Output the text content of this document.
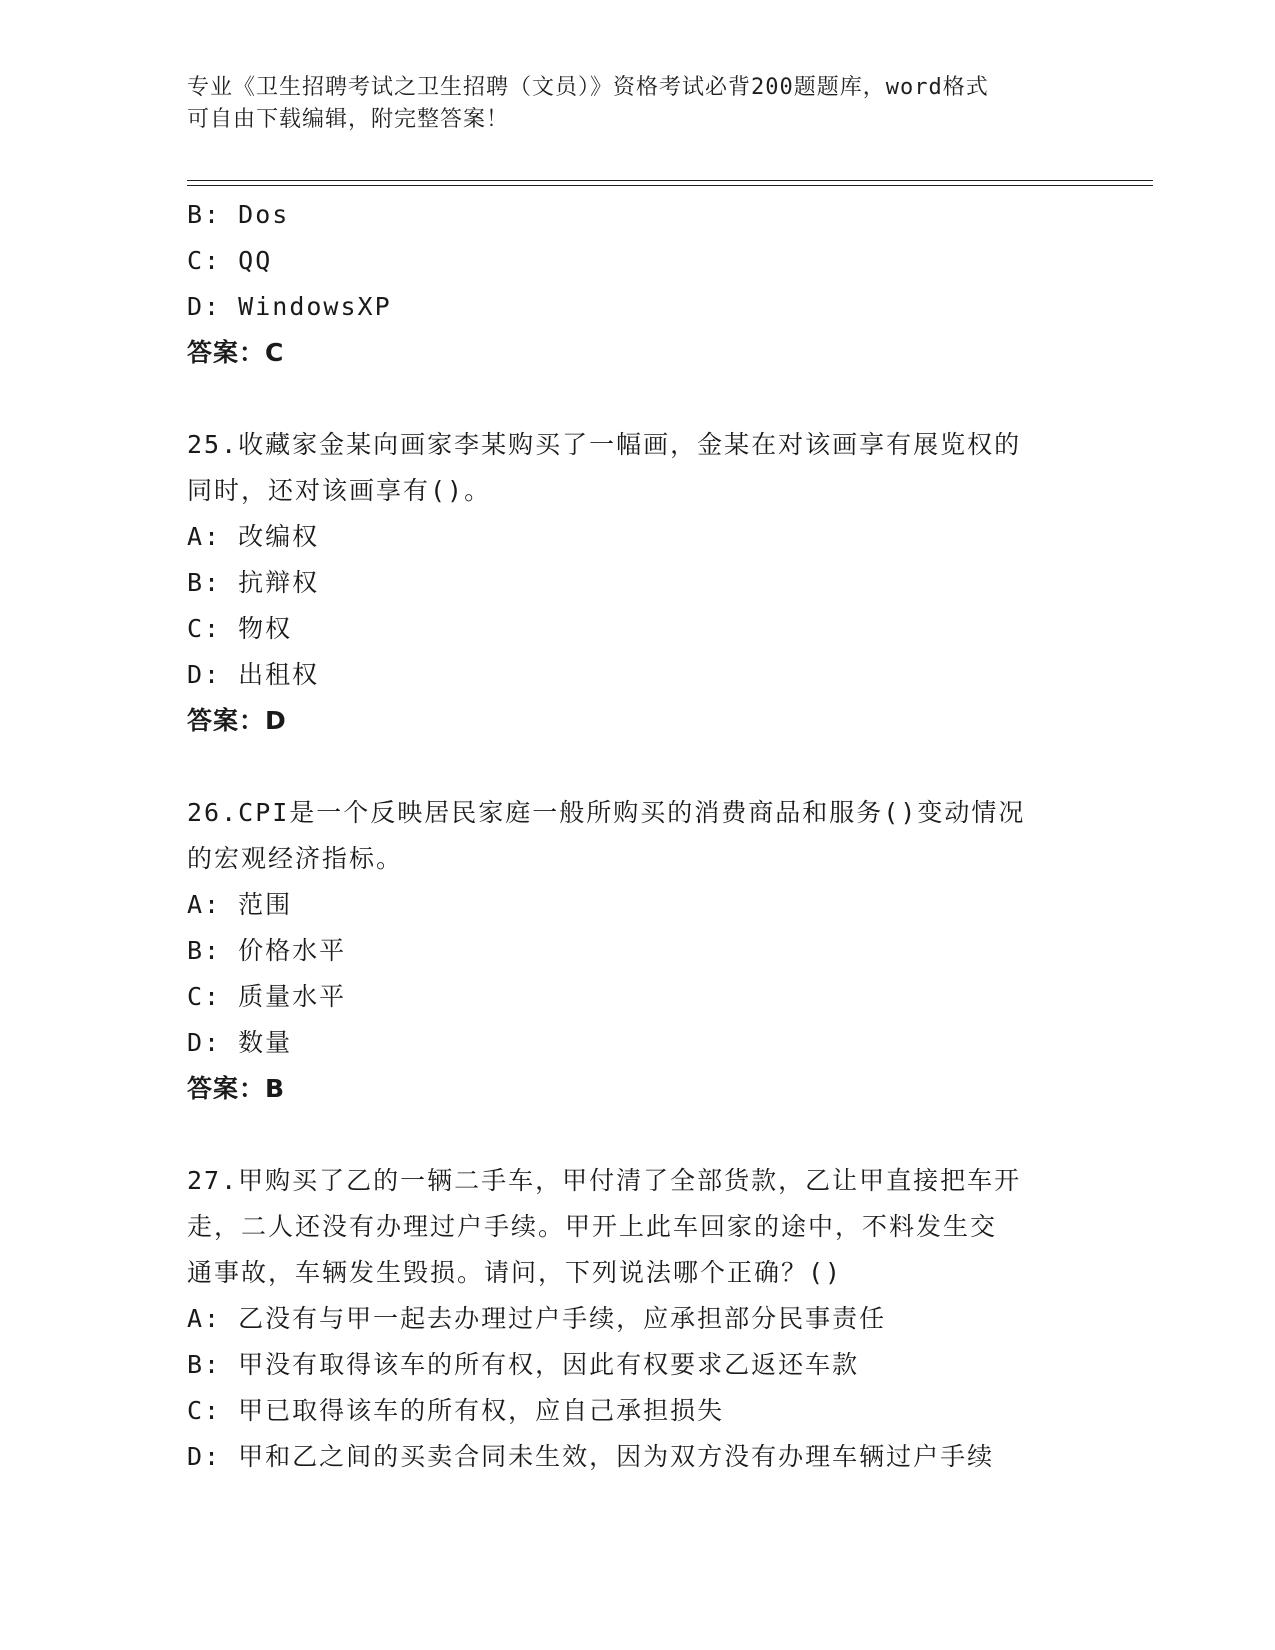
专业《卫生招聘考试之卫生招聘（文员）》资格考试必背200题题库，word格式
可自由下载编辑，附完整答案！
B: Dos
C: QQ
D: WindowsXP
答案：C
25.收藏家金某向画家李某购买了一幅画，金某在对该画享有展览权的
同时，还对该画享有()。
A: 改编权
B: 抗辩权
C: 物权
D: 出租权
答案：D
26.CPI是一个反映居民家庭一般所购买的消费商品和服务()变动情况
的宏观经济指标。
A: 范围
B: 价格水平
C: 质量水平
D: 数量
答案：B
27.甲购买了乙的一辆二手车，甲付清了全部货款，乙让甲直接把车开
走，二人还没有办理过户手续。甲开上此车回家的途中，不料发生交
通事故，车辆发生毁损。请问，下列说法哪个正确？()
A: 乙没有与甲一起去办理过户手续，应承担部分民事责任
B: 甲没有取得该车的所有权，因此有权要求乙返还车款
C: 甲已取得该车的所有权，应自己承担损失
D: 甲和乙之间的买卖合同未生效，因为双方没有办理车辆过户手续
